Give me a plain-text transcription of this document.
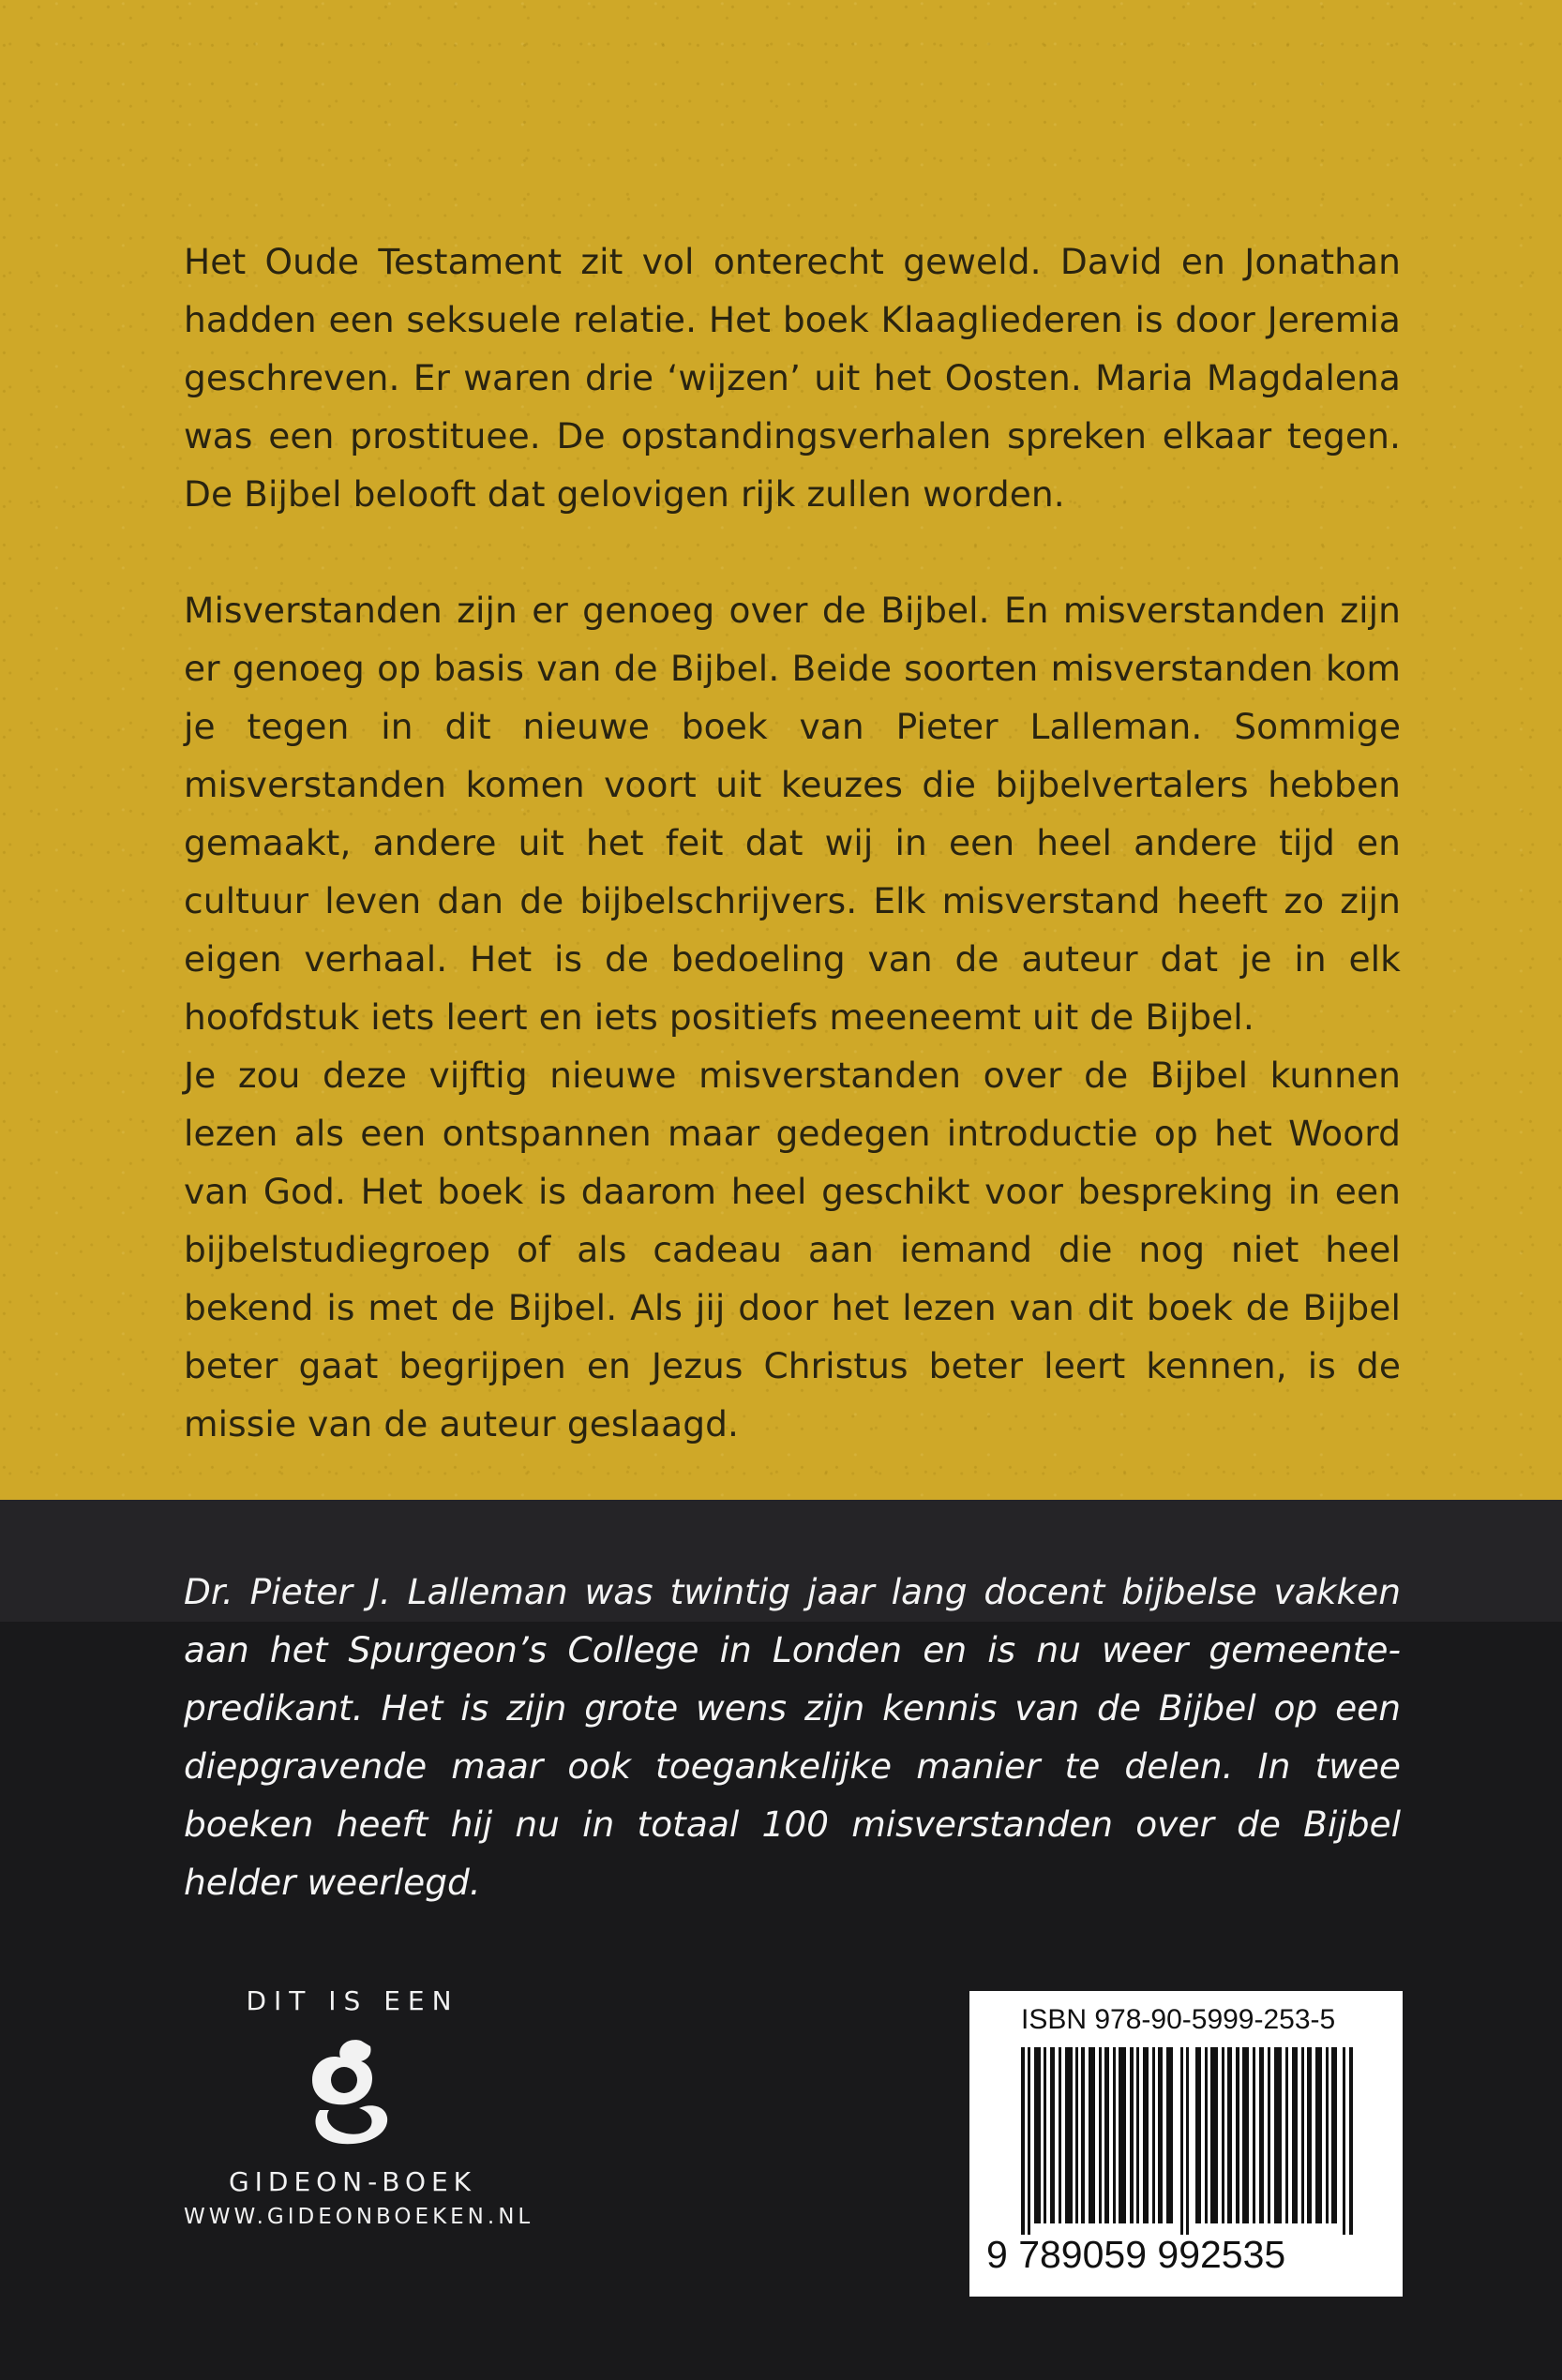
Het Oude Testament zit vol onterecht geweld. David en Jonathan hadden een seksuele relatie. Het boek Klaagliederen is door Jeremia geschreven. Er waren drie ‘wijzen’ uit het Oosten. Maria Magdalena was een prostituee. De opstandingsverhalen spreken elkaar tegen. De Bijbel belooft dat gelovigen rijk zullen worden.

Misverstanden zijn er genoeg over de Bijbel. En misverstanden zijn er genoeg op basis van de Bijbel. Beide soorten misverstanden kom je tegen in dit nieuwe boek van Pieter Lalleman. Sommige misverstanden komen voort uit keuzes die bijbelvertalers hebben gemaakt, andere uit het feit dat wij in een heel andere tijd en cultuur leven dan de bijbelschrijvers. Elk misverstand heeft zo zijn eigen verhaal. Het is de bedoeling van de auteur dat je in elk hoofdstuk iets leert en iets positiefs meeneemt uit de Bijbel.

Je zou deze vijftig nieuwe misverstanden over de Bijbel kunnen lezen als een ontspannen maar gedegen introductie op het Woord van God. Het boek is daarom heel geschikt voor bespreking in een bijbelstudiegroep of als cadeau aan iemand die nog niet heel bekend is met de Bijbel. Als jij door het lezen van dit boek de Bijbel beter gaat begrijpen en Jezus Christus beter leert kennen, is de missie van de auteur geslaagd.

Dr. Pieter J. Lalleman was twintig jaar lang docent bijbelse vakken aan het Spurgeon’s College in Londen en is nu weer gemeente-predikant. Het is zijn grote wens zijn kennis van de Bijbel op een diepgravende maar ook toegankelijke manier te delen. In twee boeken heeft hij nu in totaal 100 misverstanden over de Bijbel helder weerlegd.

DIT IS EEN

GIDEON-BOEK

WWW.GIDEONBOEKEN.NL

ISBN 978-90-5999-253-5
9 789059 992535
